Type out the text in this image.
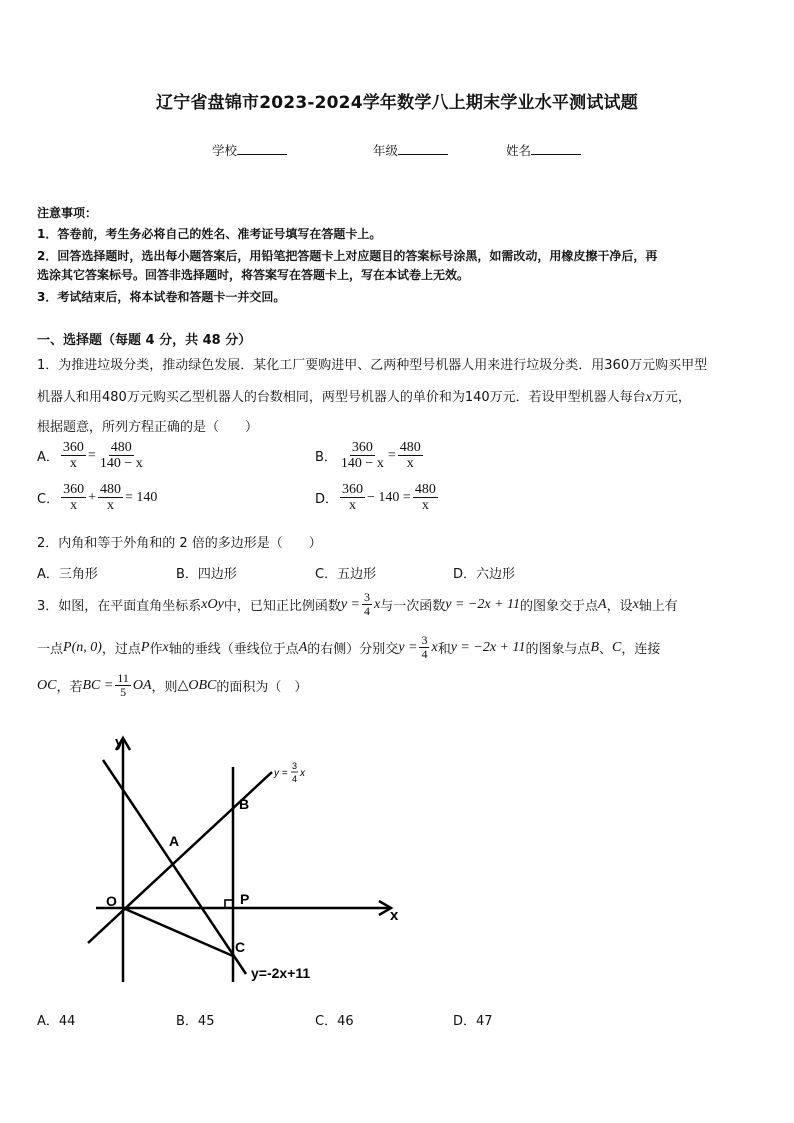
辽宁省盘锦市2023-2024学年数学八上期末学业水平测试试题
学校	年级	姓名
注意事项：
1．答卷前，考生务必将自己的姓名、准考证号填写在答题卡上。
2．回答选择题时，选出每小题答案后，用铅笔把答题卡上对应题目的答案标号涂黑，如需改动，用橡皮擦干净后，再
选涂其它答案标号。回答非选择题时，将答案写在答题卡上，写在本试卷上无效。
3．考试结束后，将本试卷和答题卡一并交回。
一、选择题（每题 4 分，共 48 分）
1．为推进垃圾分类，推动绿色发展．某化工厂要购进甲、乙两种型号机器人用来进行垃圾分类．用360万元购买甲型
机器人和用480万元购买乙型机器人的台数相同，两型号机器人的单价和为140万元．若设甲型机器人每台x万元，
根据题意，所列方程正确的是（　　）
A． $\frac{360}{x} = \frac{480}{140 - x}$	B． $\frac{360}{140 - x} = \frac{480}{x}$
C． $\frac{360}{x} + \frac{480}{x} = 140$	D． $\frac{360}{x} - 140 = \frac{480}{x}$
2．内角和等于外角和的 2 倍的多边形是（　　）
A．三角形	B．四边形	C．五边形	D．六边形
3．如图，在平面直角坐标系 xOy 中，已知正比例函数 $y = \frac{3}{4}$ x 与一次函数 y = −2x + 11 的图象交于点 A ，设 x 轴上有
一点 P(n, 0) ，过点 P 作 x 轴的垂线（垂线位于点 A 的右侧）分别交 $y = \frac{3}{4}$ x 和 y = −2x + 11 的图象与点 B 、 C ，连接
OC ，若 BC = $\frac{11}{5}$ OA ，则 △OBC 的面积为（　）
y
x
O
A
B
C
P
y =
3
4 x
y=-2x+11
A．44	B．45	C．46	D．47
